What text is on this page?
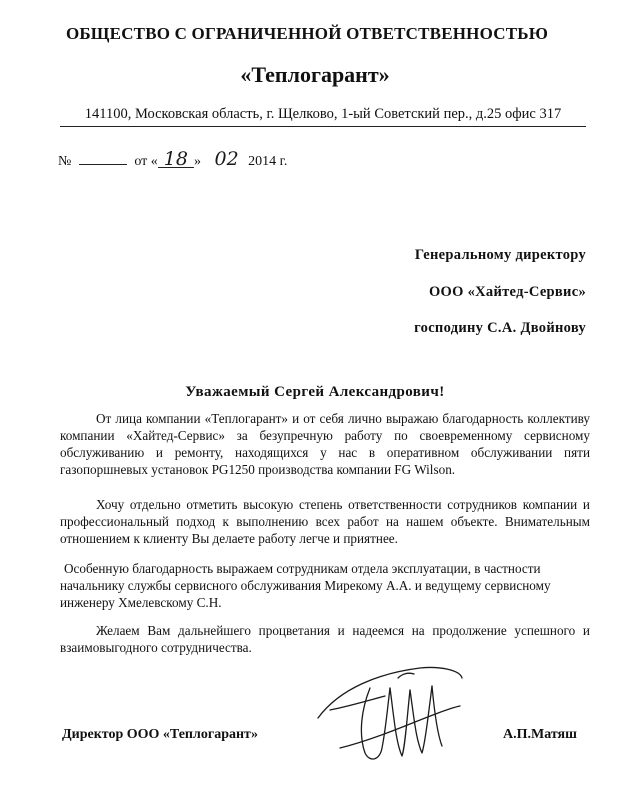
ОБЩЕСТВО С ОГРАНИЧЕННОЙ ОТВЕТСТВЕННОСТЬЮ
«Теплогарант»
141100, Московская область, г. Щелково, 1-ый Советский пер., д.25 офис 317
№	от « 18 » 02 2014 г.
Генеральному директору
ООО «Хайтед-Сервис»
господину С.А. Двойнову
Уважаемый Сергей Александрович!

От лица компании «Теплогарант» и от себя лично выражаю благодарность коллективу компании «Хайтед-Сервис» за безупречную работу по своевременному сервисному обслуживанию и ремонту, находящихся у нас в оперативном обслуживании пяти газопоршневых установок PG1250 производства компании FG Wilson.

Хочу отдельно отметить высокую степень ответственности сотрудников компании и профессиональный подход к выполнению всех работ на нашем объекте. Внимательным отношением к клиенту Вы делаете работу легче и приятнее.

Особенную благодарность выражаем сотрудникам отдела эксплуатации, в частности начальнику службы сервисного обслуживания Мирекому А.А. и ведущему сервисному инженеру Хмелевскому С.Н.

Желаем Вам дальнейшего процветания и надеемся на продолжение успешного и взаимовыгодного сотрудничества.

Директор ООО «Теплогарант»	А.П.Матяш
